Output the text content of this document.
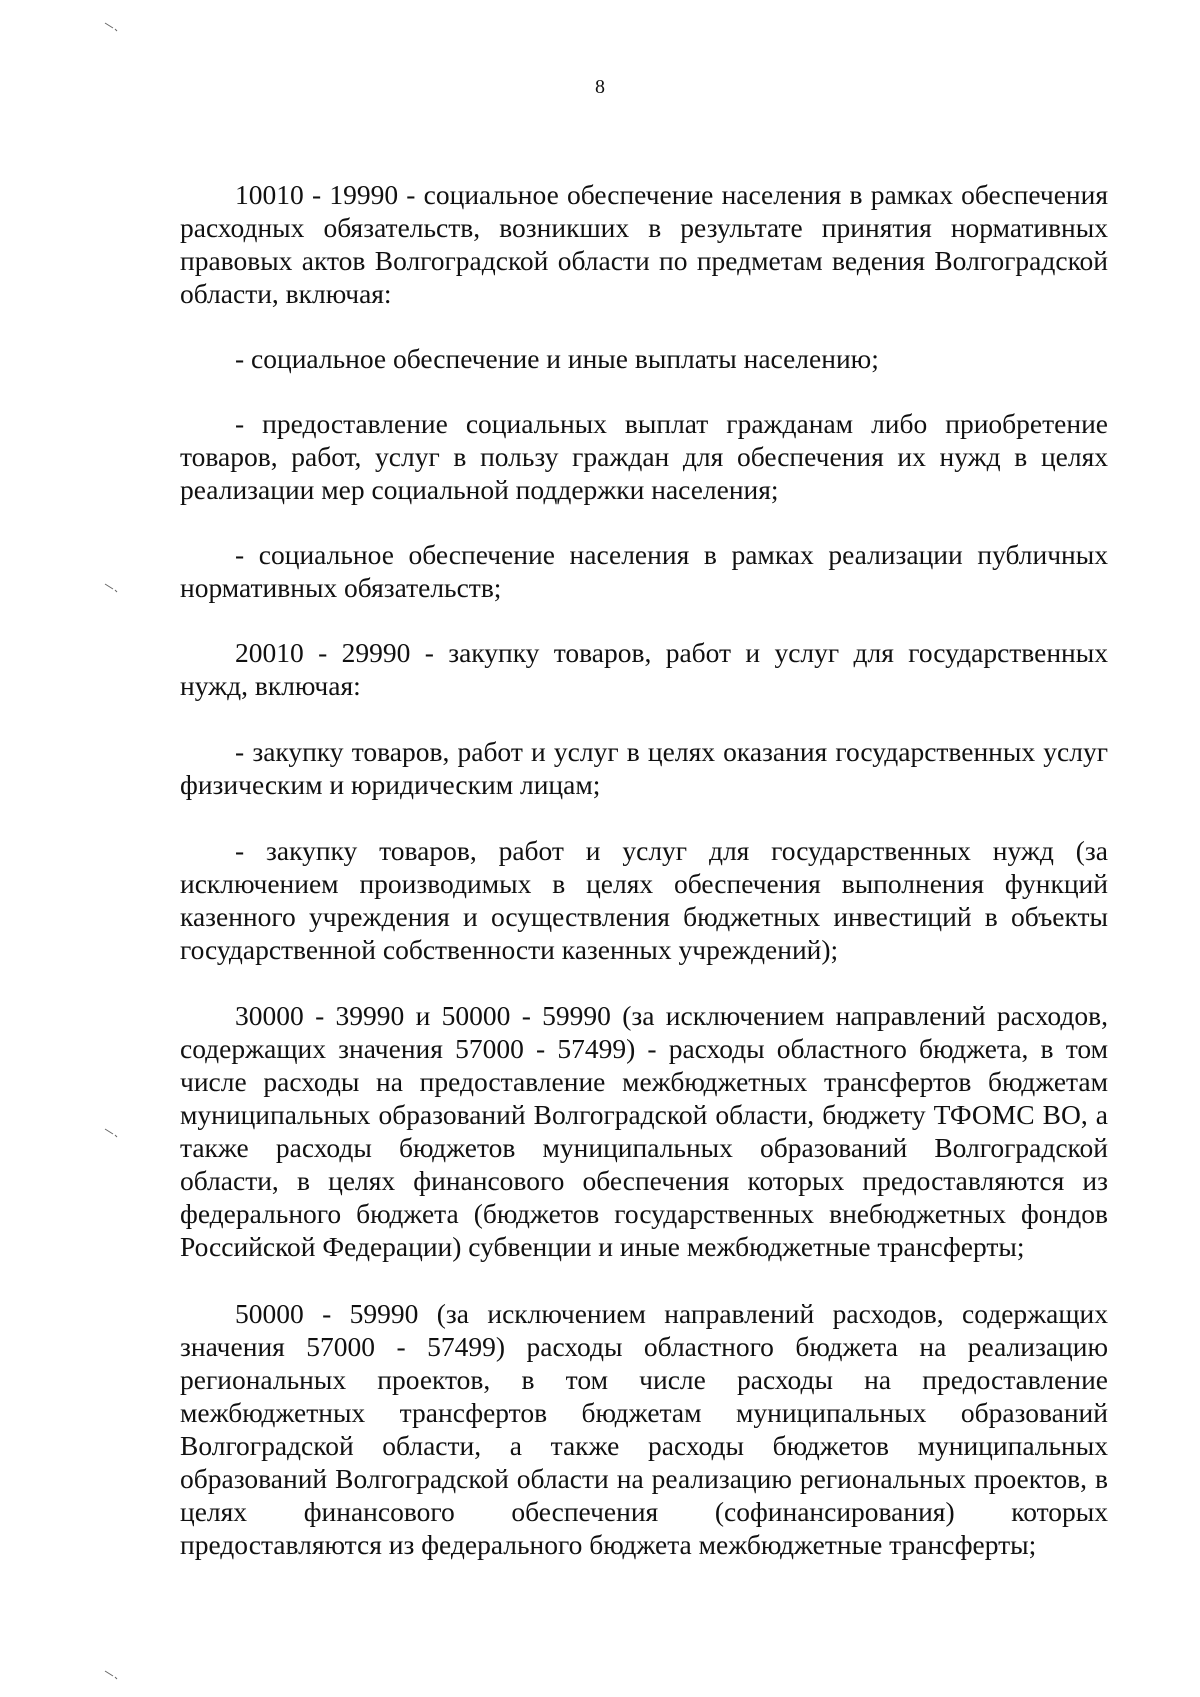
8

10010 - 19990 - социальное обеспечение населения в рамках обеспечения расходных обязательств, возникших в результате принятия нормативных правовых актов Волгоградской области по предметам ведения Волгоградской области, включая:

- социальное обеспечение и иные выплаты населению;

- предоставление социальных выплат гражданам либо приобретение товаров, работ, услуг в пользу граждан для обеспечения их нужд в целях реализации мер социальной поддержки населения;

- социальное обеспечение населения в рамках реализации публичных нормативных обязательств;

20010 - 29990 - закупку товаров, работ и услуг для государственных нужд, включая:

- закупку товаров, работ и услуг в целях оказания государственных услуг физическим и юридическим лицам;

- закупку товаров, работ и услуг для государственных нужд (за исключением производимых в целях обеспечения выполнения функций казенного учреждения и осуществления бюджетных инвестиций в объекты государственной собственности казенных учреждений);

30000 - 39990 и 50000 - 59990 (за исключением направлений расходов, содержащих значения 57000 - 57499) - расходы областного бюджета, в том числе расходы на предоставление межбюджетных трансфертов бюджетам муниципальных образований Волгоградской области, бюджету ТФОМС ВО, а также расходы бюджетов муниципальных образований Волгоградской области, в целях финансового обеспечения которых предоставляются из федерального бюджета (бюджетов государственных внебюджетных фондов Российской Федерации) субвенции и иные межбюджетные трансферты;

50000 - 59990 (за исключением направлений расходов, содержащих значения 57000 - 57499) расходы областного бюджета на реализацию региональных проектов, в том числе расходы на предоставление межбюджетных трансфертов бюджетам муниципальных образований Волгоградской области, а также расходы бюджетов муниципальных образований Волгоградской области на реализацию региональных проектов, в целях финансового обеспечения (софинансирования) которых предоставляются из федерального бюджета межбюджетные трансферты;
